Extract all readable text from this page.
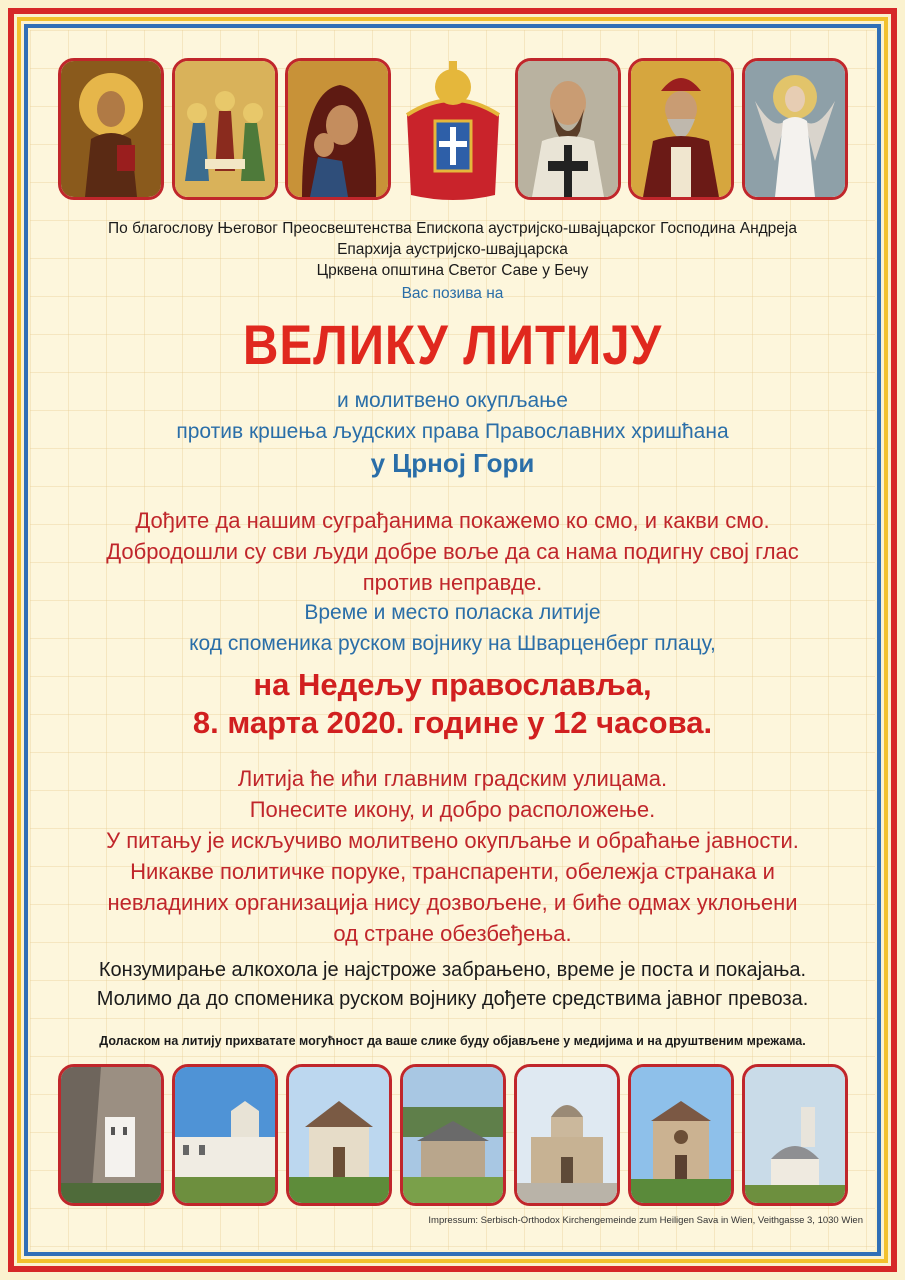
По благослову Његовог Преосвештенства Епископа аустријско-швајцарског Господина Андреја
Епархија аустријско-швајцарска
Црквена општина Светог Саве у Бечу
Вас позива на
ВЕЛИКУ ЛИТИЈУ
и молитвено окупљање
против кршења људских права Православних хришћана
у Црној Гори
Дођите да нашим суграђанима покажемо ко смо, и какви смо.
Добродошли су сви људи добре воље да са нама подигну свој глас
против неправде.
Време и место поласка литије
код споменика руском војнику на Шварценберг плацу,
на Недељу православља,
8. марта 2020. године у 12 часова.
Литија ће ићи главним градским улицама.
Понесите икону, и добро расположење.
У питању је искључиво молитвено окупљање и обраћање јавности.
Никакве политичке поруке, транспаренти, обележја странака и
невладиних организација нису дозвољене, и биће одмах уклоњени
од стране обезбеђења.
Конзумирање алкохола је најстроже забрањено, време је поста и покајања.
Молимо да до споменика руском војнику дођете средствима јавног превоза.
Доласком на литију прихватате могућност да ваше слике буду објављене у медијима и на друштвеним мрежама.
Impressum: Serbisch-Orthodox Kirchengemeinde zum Heiligen Sava in Wien, Veithgasse 3, 1030 Wien
